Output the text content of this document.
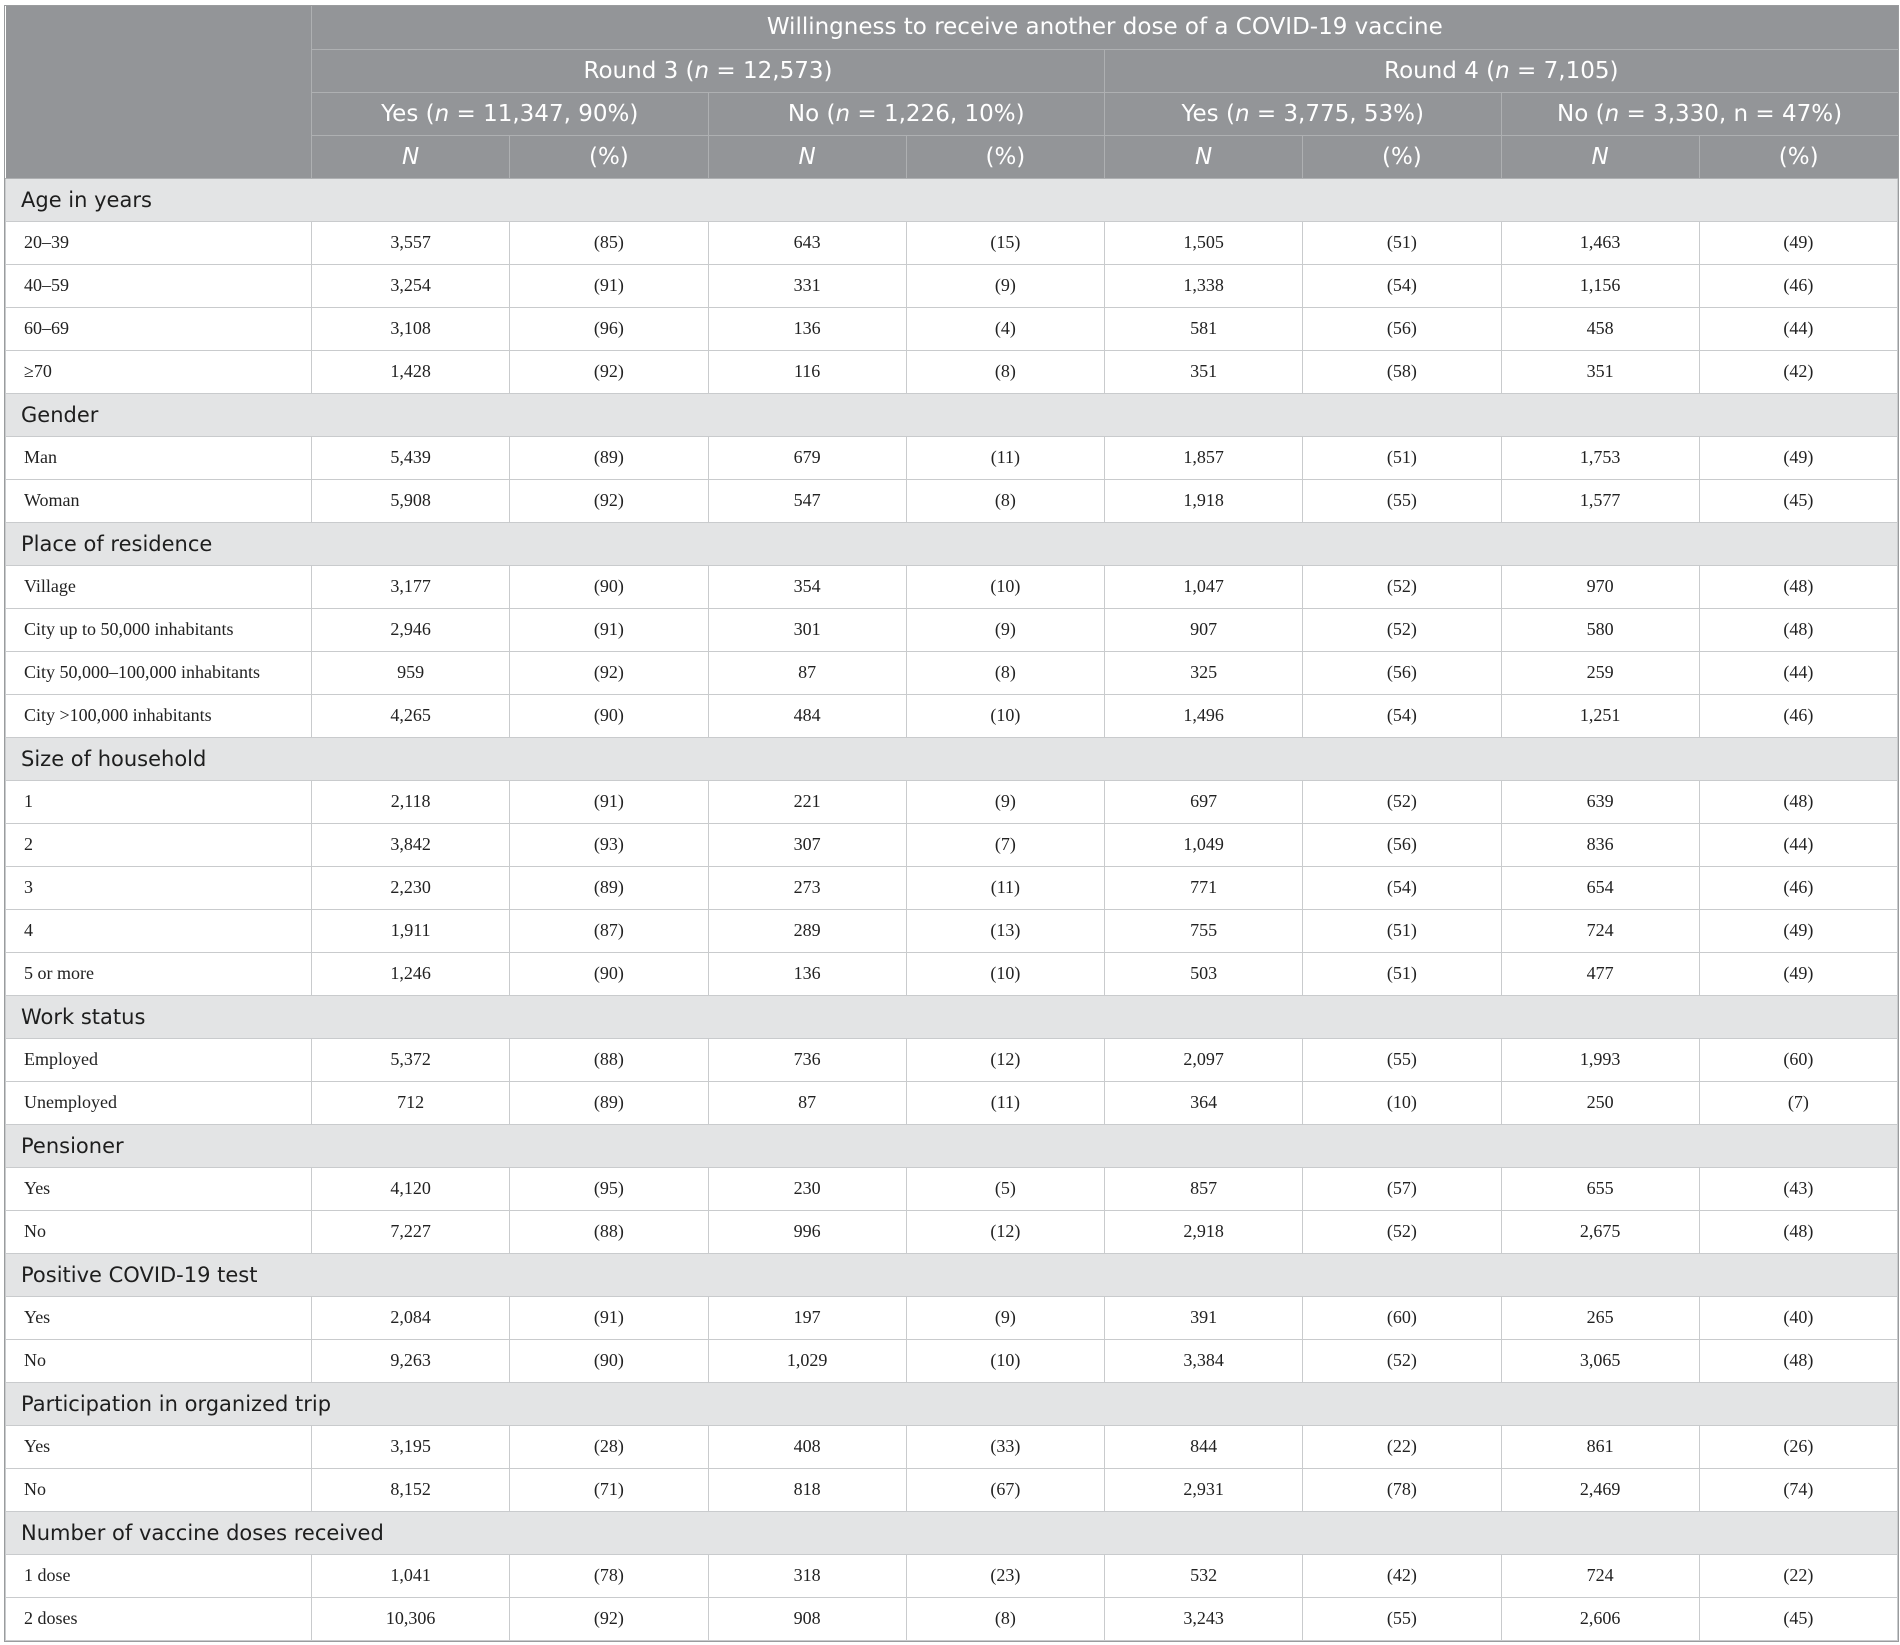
	Willingness to receive another dose of a COVID-19 vaccine							
	Round 3 (n = 12,573)				Round 4 (n = 7,105)			
	Yes (n = 11,347, 90%)		No (n = 1,226, 10%)		Yes (n = 3,775, 53%)		No (n = 3,330, n = 47%)	
	N	(%)	N	(%)	N	(%)	N	(%)
Age in years								
20–39	3,557	(85)	643	(15)	1,505	(51)	1,463	(49)
40–59	3,254	(91)	331	(9)	1,338	(54)	1,156	(46)
60–69	3,108	(96)	136	(4)	581	(56)	458	(44)
≥70	1,428	(92)	116	(8)	351	(58)	351	(42)
Gender								
Man	5,439	(89)	679	(11)	1,857	(51)	1,753	(49)
Woman	5,908	(92)	547	(8)	1,918	(55)	1,577	(45)
Place of residence								
Village	3,177	(90)	354	(10)	1,047	(52)	970	(48)
City up to 50,000 inhabitants	2,946	(91)	301	(9)	907	(52)	580	(48)
City 50,000–100,000 inhabitants	959	(92)	87	(8)	325	(56)	259	(44)
City >100,000 inhabitants	4,265	(90)	484	(10)	1,496	(54)	1,251	(46)
Size of household								
1	2,118	(91)	221	(9)	697	(52)	639	(48)
2	3,842	(93)	307	(7)	1,049	(56)	836	(44)
3	2,230	(89)	273	(11)	771	(54)	654	(46)
4	1,911	(87)	289	(13)	755	(51)	724	(49)
5 or more	1,246	(90)	136	(10)	503	(51)	477	(49)
Work status								
Employed	5,372	(88)	736	(12)	2,097	(55)	1,993	(60)
Unemployed	712	(89)	87	(11)	364	(10)	250	(7)
Pensioner								
Yes	4,120	(95)	230	(5)	857	(57)	655	(43)
No	7,227	(88)	996	(12)	2,918	(52)	2,675	(48)
Positive COVID-19 test								
Yes	2,084	(91)	197	(9)	391	(60)	265	(40)
No	9,263	(90)	1,029	(10)	3,384	(52)	3,065	(48)
Participation in organized trip								
Yes	3,195	(28)	408	(33)	844	(22)	861	(26)
No	8,152	(71)	818	(67)	2,931	(78)	2,469	(74)
Number of vaccine doses received								
1 dose	1,041	(78)	318	(23)	532	(42)	724	(22)
2 doses	10,306	(92)	908	(8)	3,243	(55)	2,606	(45)
